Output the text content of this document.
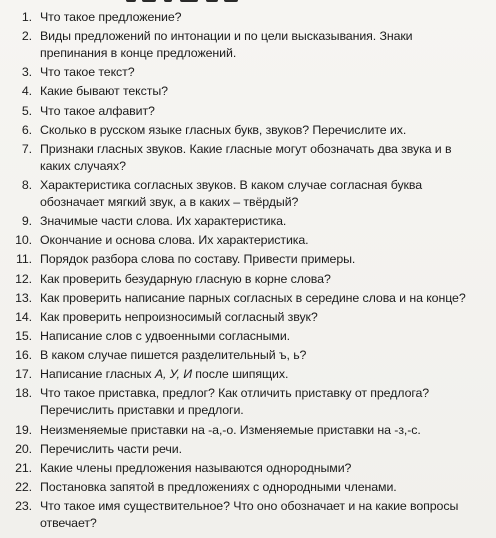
1. Что такое предложение?
2. Виды предложений по интонации и по цели высказывания. Знаки препинания в конце предложений.
3. Что такое текст?
4. Какие бывают тексты?
5. Что такое алфавит?
6. Сколько в русском языке гласных букв, звуков? Перечислите их.
7. Признаки гласных звуков. Какие гласные могут обозначать два звука и в каких случаях?
8. Характеристика согласных звуков. В каком случае согласная буква обозначает мягкий звук, а в каких – твёрдый?
9. Значимые части слова. Их характеристика.
10. Окончание и основа слова. Их характеристика.
11. Порядок разбора слова по составу. Привести примеры.
12. Как проверить безударную гласную в корне слова?
13. Как проверить написание парных согласных в середине слова и на конце?
14. Как проверить непроизносимый согласный звук?
15. Написание слов с удвоенными согласными.
16. В каком случае пишется разделительный ъ, ь?
17. Написание гласных А, У, И после шипящих.
18. Что такое приставка, предлог? Как отличить приставку от предлога? Перечислить приставки и предлоги.
19. Неизменяемые приставки на -а,-о. Изменяемые приставки на -з,-с.
20. Перечислить части речи.
21. Какие члены предложения называются однородными?
22. Постановка запятой в предложениях с однородными членами.
23. Что такое имя существительное? Что оно обозначает и на какие вопросы отвечает?
